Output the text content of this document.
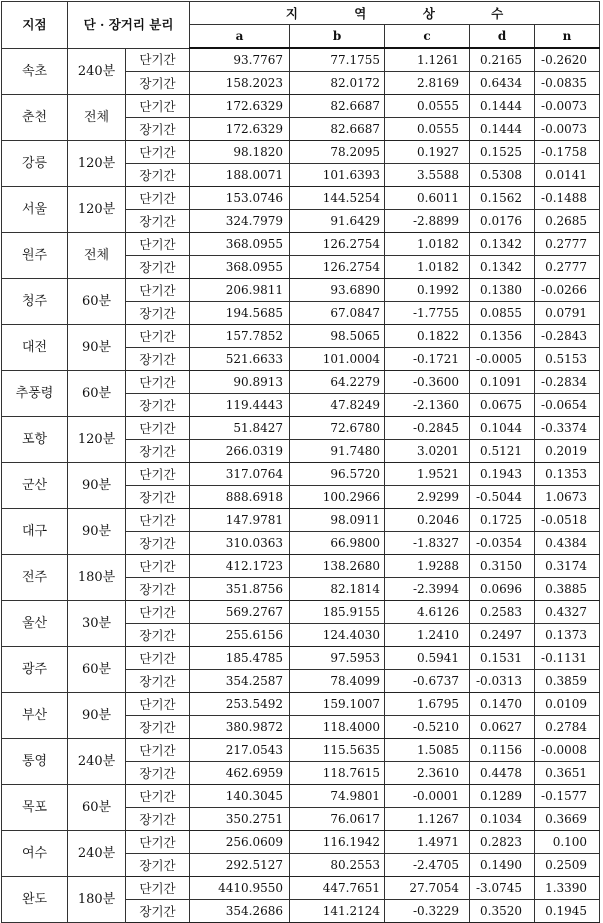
지점	단 · 장거리 분리		지 역 상 수				
			a	b	c	d	n
속초	240분	단기간	93.7767	77.1755	1.1261	0.2165	-0.2620
		장기간	158.2023	82.0172	2.8169	0.6434	-0.0835
춘천	전체	단기간	172.6329	82.6687	0.0555	0.1444	-0.0073
		장기간	172.6329	82.6687	0.0555	0.1444	-0.0073
강릉	120분	단기간	98.1820	78.2095	0.1927	0.1525	-0.1758
		장기간	188.0071	101.6393	3.5588	0.5308	0.0141
서울	120분	단기간	153.0746	144.5254	0.6011	0.1562	-0.1488
		장기간	324.7979	91.6429	-2.8899	0.0176	0.2685
원주	전체	단기간	368.0955	126.2754	1.0182	0.1342	0.2777
		장기간	368.0955	126.2754	1.0182	0.1342	0.2777
청주	60분	단기간	206.9811	93.6890	0.1992	0.1380	-0.0266
		장기간	194.5685	67.0847	-1.7755	0.0855	0.0791
대전	90분	단기간	157.7852	98.5065	0.1822	0.1356	-0.2843
		장기간	521.6633	101.0004	-0.1721	-0.0005	0.5153
추풍령	60분	단기간	90.8913	64.2279	-0.3600	0.1091	-0.2834
		장기간	119.4443	47.8249	-2.1360	0.0675	-0.0654
포항	120분	단기간	51.8427	72.6780	-0.2845	0.1044	-0.3374
		장기간	266.0319	91.7480	3.0201	0.5121	0.2019
군산	90분	단기간	317.0764	96.5720	1.9521	0.1943	0.1353
		장기간	888.6918	100.2966	2.9299	-0.5044	1.0673
대구	90분	단기간	147.9781	98.0911	0.2046	0.1725	-0.0518
		장기간	310.0363	66.9800	-1.8327	-0.0354	0.4384
전주	180분	단기간	412.1723	138.2680	1.9288	0.3150	0.3174
		장기간	351.8756	82.1814	-2.3994	0.0696	0.3885
울산	30분	단기간	569.2767	185.9155	4.6126	0.2583	0.4327
		장기간	255.6156	124.4030	1.2410	0.2497	0.1373
광주	60분	단기간	185.4785	97.5953	0.5941	0.1531	-0.1131
		장기간	354.2587	78.4099	-0.6737	-0.0313	0.3859
부산	90분	단기간	253.5492	159.1007	1.6795	0.1470	0.0109
		장기간	380.9872	118.4000	-0.5210	0.0627	0.2784
통영	240분	단기간	217.0543	115.5635	1.5085	0.1156	-0.0008
		장기간	462.6959	118.7615	2.3610	0.4478	0.3651
목포	60분	단기간	140.3045	74.9801	-0.0001	0.1289	-0.1577
		장기간	350.2751	76.0617	1.1267	0.1034	0.3669
여수	240분	단기간	256.0609	116.1942	1.4971	0.2823	0.100
		장기간	292.5127	80.2553	-2.4705	0.1490	0.2509
완도	180분	단기간	4410.9550	447.7651	27.7054	-3.0745	1.3390
		장기간	354.2686	141.2124	-0.3229	0.3520	0.1945
